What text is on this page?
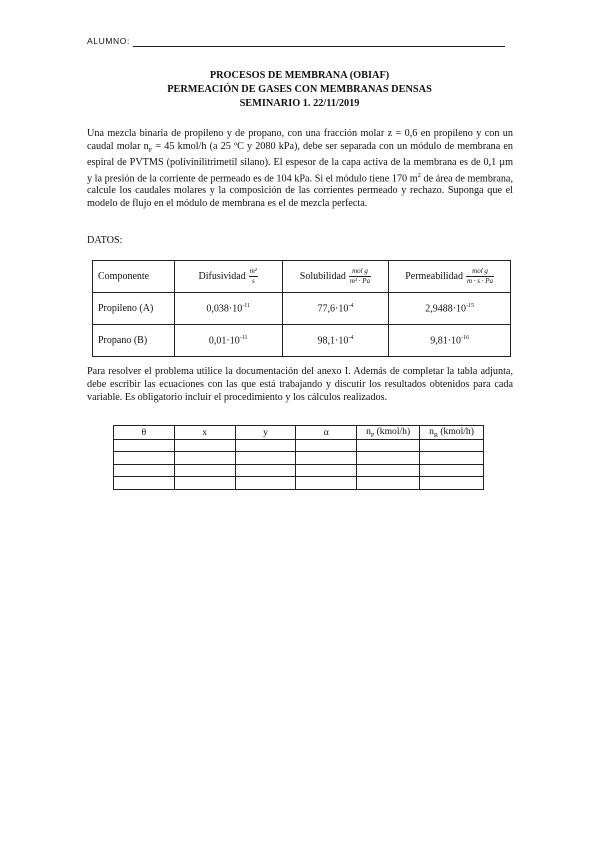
ALUMNO:
PROCESOS DE MEMBRANA (OBIAF)
PERMEACIÓN DE GASES CON MEMBRANAS DENSAS
SEMINARIO 1. 22/11/2019
Una mezcla binaria de propileno y de propano, con una fracción molar z = 0,6 en propileno y con un caudal molar $n_F = 45$ kmol/h (a 25 ºC y 2080 kPa), debe ser separada con un módulo de membrana en espiral de PVTMS (polivinilitrimetil silano). El espesor de la capa activa de la membrana es de 0,1 µm y la presión de la corriente de permeado es de 104 kPa. Si el módulo tiene 170 $m^2$ de área de membrana, calcule los caudales molares y la composición de las corrientes permeado y rechazo. Suponga que el modelo de flujo en el módulo de membrana es el de mezcla perfecta.
DATOS:
Componente	Difusividad $\frac{\text{m²}}{s}$	Solubilidad $\frac{\text{mol g}}{\text{m³ · Pa}}$	Permeabilidad $\frac{\text{mol g}}{m \cdot s \cdot Pa}$

Propileno (A)	$0,038\cdot 10^{-11}$	$77,6\cdot 10^{-4}$	$2,9488\cdot 10^{-15}$
Propano (B)	$0,01\cdot 10^{-11}$	$98,1\cdot 10^{-4}$	$9,81\cdot 10^{-16}$
Para resolver el problema utilice la documentación del anexo I. Además de completar la tabla adjunta, debe escribir las ecuaciones con las que está trabajando y discutir los resultados obtenidos para cada variable. Es obligatorio incluir el procedimiento y los cálculos realizados.
θ	x	y	α	$n_P$ (kmol/h)	$n_R$ (kmol/h)
